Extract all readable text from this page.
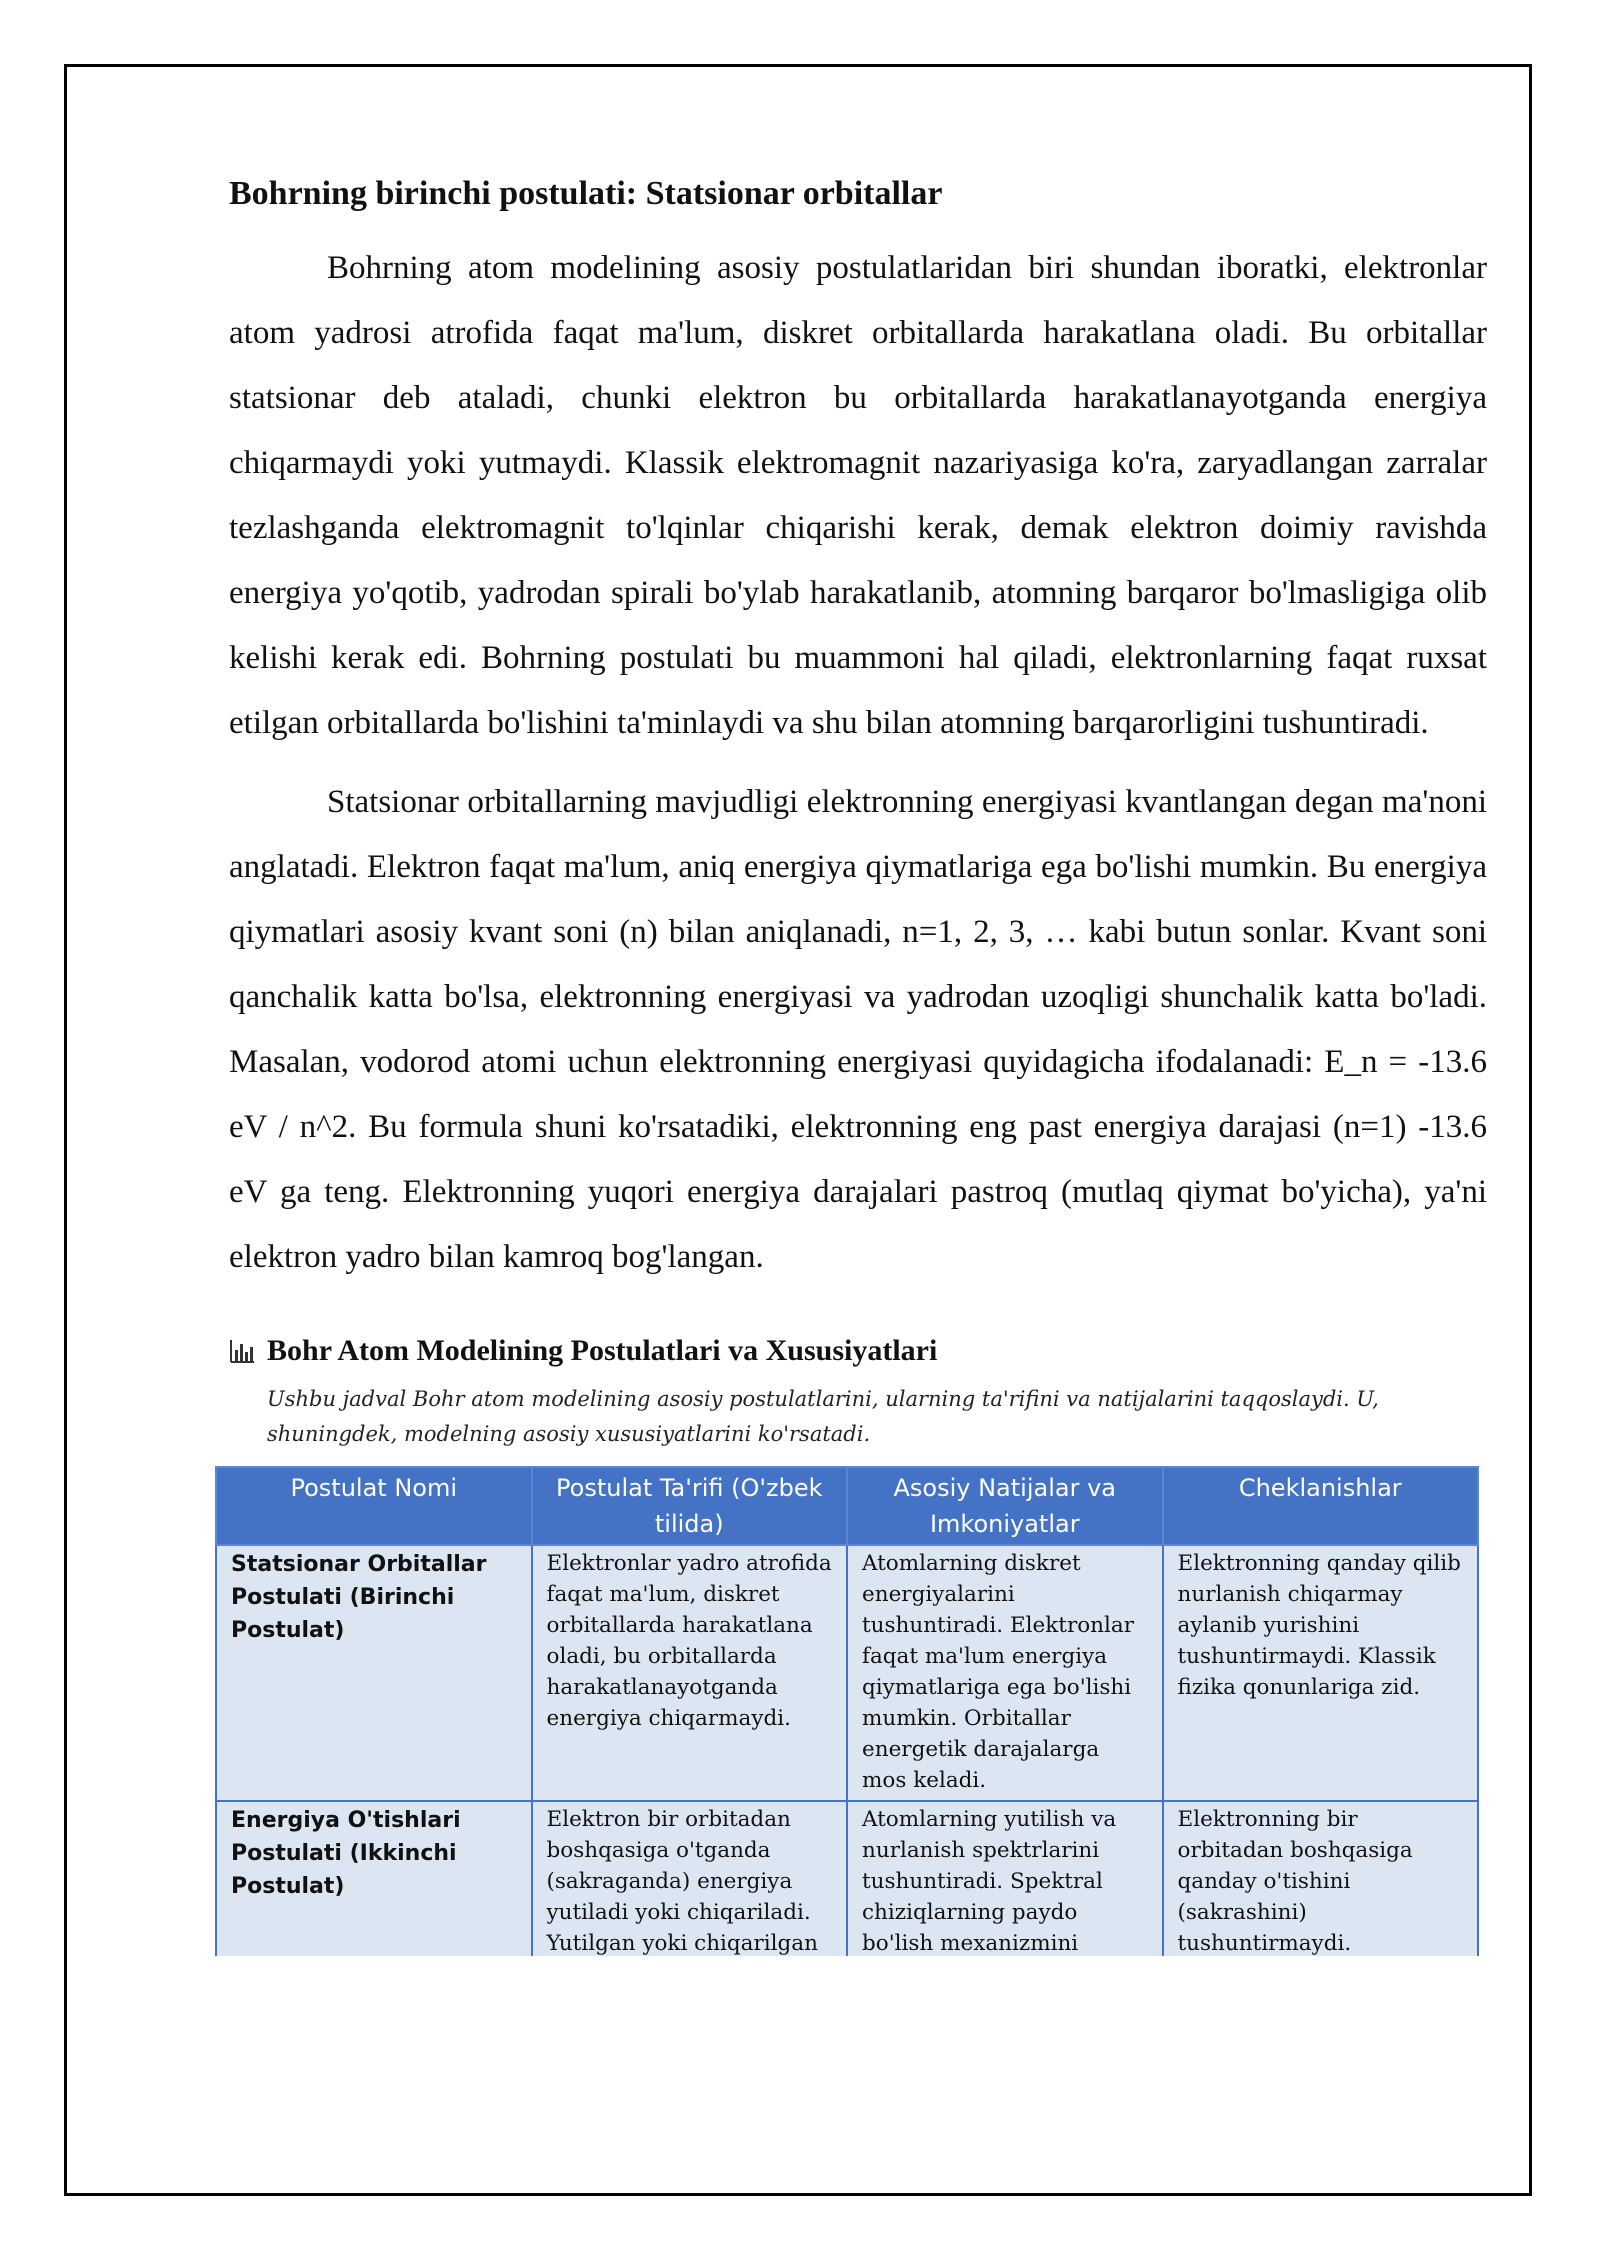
Bohrning birinchi postulati: Statsionar orbitallar

Bohrning atom modelining asosiy postulatlaridan biri shundan iboratki, elektronlar atom yadrosi atrofida faqat ma'lum, diskret orbitallarda harakatlana oladi. Bu orbitallar statsionar deb ataladi, chunki elektron bu orbitallarda harakatlanayotganda energiya chiqarmaydi yoki yutmaydi. Klassik elektromagnit nazariyasiga ko'ra, zaryadlangan zarralar tezlashganda elektromagnit to'lqinlar chiqarishi kerak, demak elektron doimiy ravishda energiya yo'qotib, yadrodan spirali bo'ylab harakatlanib, atomning barqaror bo'lmasligiga olib kelishi kerak edi. Bohrning postulati bu muammoni hal qiladi, elektronlarning faqat ruxsat etilgan orbitallarda bo'lishini ta'minlaydi va shu bilan atomning barqarorligini tushuntiradi.

Statsionar orbitallarning mavjudligi elektronning energiyasi kvantlangan degan ma'noni anglatadi. Elektron faqat ma'lum, aniq energiya qiymatlariga ega bo'lishi mumkin. Bu energiya qiymatlari asosiy kvant soni (n) bilan aniqlanadi, n=1, 2, 3, … kabi butun sonlar. Kvant soni qanchalik katta bo'lsa, elektronning energiyasi va yadrodan uzoqligi shunchalik katta bo'ladi. Masalan, vodorod atomi uchun elektronning energiyasi quyidagicha ifodalanadi: E_n = -13.6 eV / n^2. Bu formula shuni ko'rsatadiki, elektronning eng past energiya darajasi (n=1) -13.6 eV ga teng. Elektronning yuqori energiya darajalari pastroq (mutlaq qiymat bo'yicha), ya'ni elektron yadro bilan kamroq bog'langan.

Bohr Atom Modelining Postulatlari va Xususiyatlari
Ushbu jadval Bohr atom modelining asosiy postulatlarini, ularning ta'rifini va natijalarini taqqoslaydi. U, shuningdek, modelning asosiy xususiyatlarini ko'rsatadi.
Postulat Nomi	Postulat Ta'rifi (O'zbek tilida)	Asosiy Natijalar va Imkoniyatlar	Cheklanishlar
Statsionar Orbitallar Postulati (Birinchi Postulat)	Elektronlar yadro atrofida faqat ma'lum, diskret orbitallarda harakatlana oladi, bu orbitallarda harakatlanayotganda energiya chiqarmaydi.	Atomlarning diskret energiyalarini tushuntiradi. Elektronlar faqat ma'lum energiya qiymatlariga ega bo'lishi mumkin. Orbitallar energetik darajalarga mos keladi.	Elektronning qanday qilib nurlanish chiqarmay aylanib yurishini tushuntirmaydi. Klassik fizika qonunlariga zid.
Energiya O'tishlari Postulati (Ikkinchi Postulat)	Elektron bir orbitadan boshqasiga o'tganda (sakraganda) energiya yutiladi yoki chiqariladi. Yutilgan yoki chiqarilgan	Atomlarning yutilish va nurlanish spektrlarini tushuntiradi. Spektral chiziqlarning paydo bo'lish mexanizmini	Elektronning bir orbitadan boshqasiga qanday o'tishini (sakrashini) tushuntirmaydi.
